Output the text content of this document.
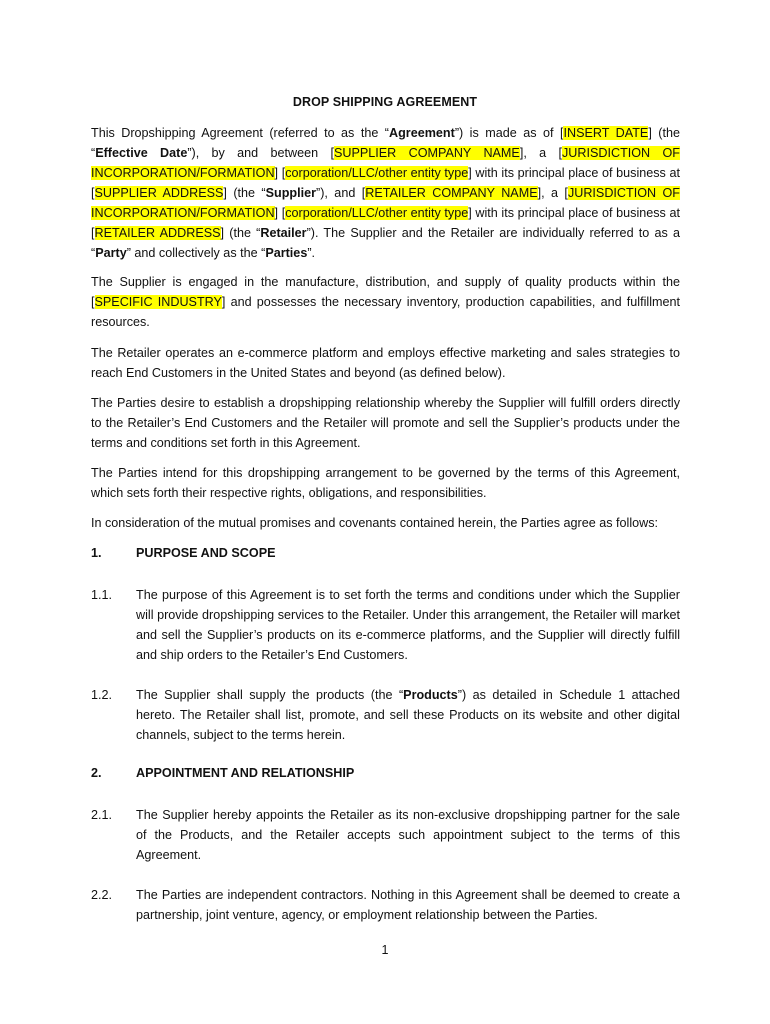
DROP SHIPPING AGREEMENT

This Dropshipping Agreement (referred to as the “Agreement”) is made as of [INSERT DATE] (the “Effective Date”), by and between [SUPPLIER COMPANY NAME], a [JURISDICTION OF INCORPORATION/FORMATION] [corporation/LLC/other entity type] with its principal place of business at [SUPPLIER ADDRESS] (the “Supplier”), and [RETAILER COMPANY NAME], a [JURISDICTION OF INCORPORATION/FORMATION] [corporation/LLC/other entity type] with its principal place of business at [RETAILER ADDRESS] (the “Retailer”). The Supplier and the Retailer are individually referred to as a “Party” and collectively as the “Parties”.

The Supplier is engaged in the manufacture, distribution, and supply of quality products within the [SPECIFIC INDUSTRY] and possesses the necessary inventory, production capabilities, and fulfillment resources.

The Retailer operates an e-commerce platform and employs effective marketing and sales strategies to reach End Customers in the United States and beyond (as defined below).

The Parties desire to establish a dropshipping relationship whereby the Supplier will fulfill orders directly to the Retailer’s End Customers and the Retailer will promote and sell the Supplier’s products under the terms and conditions set forth in this Agreement.

The Parties intend for this dropshipping arrangement to be governed by the terms of this Agreement, which sets forth their respective rights, obligations, and responsibilities.

In consideration of the mutual promises and covenants contained herein, the Parties agree as follows:

1.	PURPOSE AND SCOPE
1.1. The purpose of this Agreement is to set forth the terms and conditions under which the Supplier will provide dropshipping services to the Retailer. Under this arrangement, the Retailer will market and sell the Supplier’s products on its e-commerce platforms, and the Supplier will directly fulfill and ship orders to the Retailer’s End Customers.
1.2. The Supplier shall supply the products (the “Products”) as detailed in Schedule 1 attached hereto. The Retailer shall list, promote, and sell these Products on its website and other digital channels, subject to the terms herein.
2.	APPOINTMENT AND RELATIONSHIP
2.1. The Supplier hereby appoints the Retailer as its non-exclusive dropshipping partner for the sale of the Products, and the Retailer accepts such appointment subject to the terms of this Agreement.
2.2. The Parties are independent contractors. Nothing in this Agreement shall be deemed to create a partnership, joint venture, agency, or employment relationship between the Parties.
1
